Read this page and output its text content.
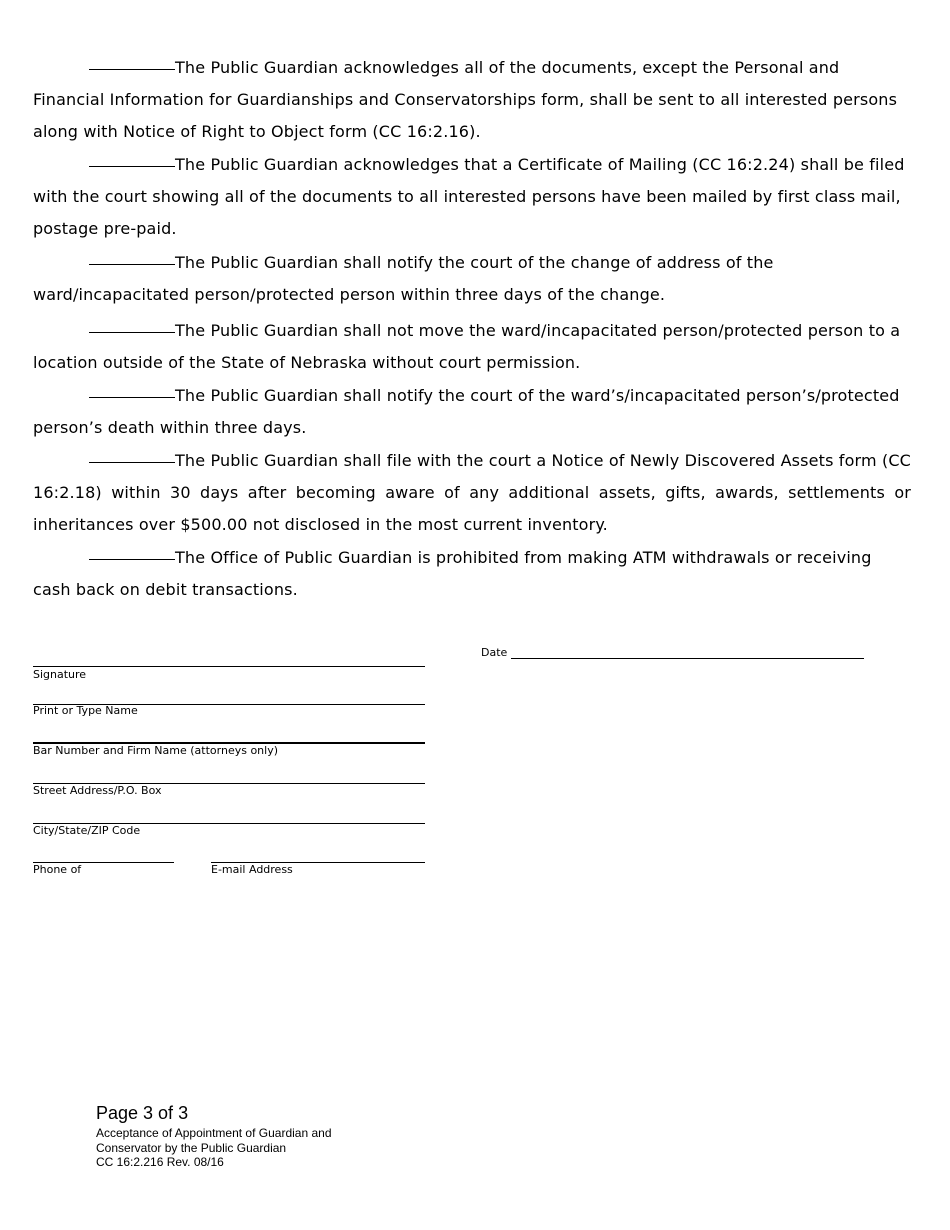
The Public Guardian acknowledges all of the documents, except the Personal and Financial Information for Guardianships and Conservatorships form, shall be sent to all interested persons along with Notice of Right to Object form (CC 16:2.16).
The Public Guardian acknowledges that a Certificate of Mailing (CC 16:2.24) shall be filed with the court showing all of the documents to all interested persons have been mailed by first class mail, postage pre-paid.
The Public Guardian shall notify the court of the change of address of the ward/incapacitated person/protected person within three days of the change.
The Public Guardian shall not move the ward/incapacitated person/protected person to a location outside of the State of Nebraska without court permission.
The Public Guardian shall notify the court of the ward’s/incapacitated person’s/protected person’s death within three days.
The Public Guardian shall file with the court a Notice of Newly Discovered Assets form (CC 16:2.18) within 30 days after becoming aware of any additional assets, gifts, awards, settlements or inheritances over $500.00 not disclosed in the most current inventory.
The Office of Public Guardian is prohibited from making ATM withdrawals or receiving cash back on debit transactions.
Date
Signature
Print or Type Name
Bar Number and Firm Name (attorneys only)
Street Address/P.O. Box
City/State/ZIP Code
Phone of	E-mail Address
Page 3 of 3
Acceptance of Appointment of Guardian and
Conservator by the Public Guardian
CC 16:2.216 Rev. 08/16
